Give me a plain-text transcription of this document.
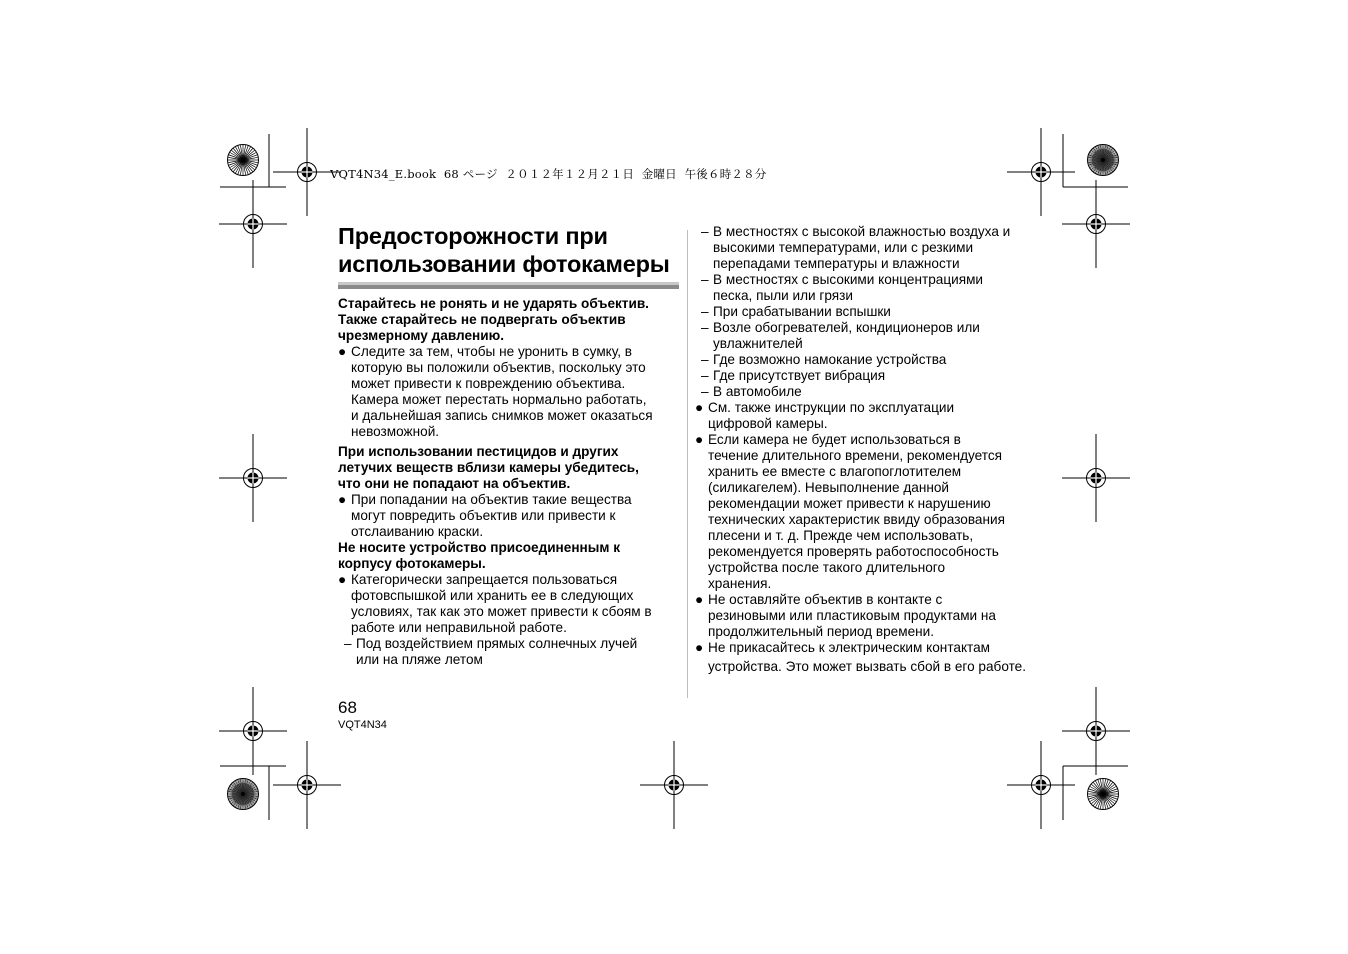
VQT4N34_E.book  68 ページ  ２０１２年１２月２１日  金曜日  午後６時２８分
Предосторожности при
использовании фотокамеры
Старайтесь не ронять и не ударять объектив.
Также старайтесь не подвергать объектив
чрезмерному давлению.
● Следите за тем, чтобы не уронить в сумку, в
которую вы положили объектив, поскольку это
может привести к повреждению объектива.
Камера может перестать нормально работать,
и дальнейшая запись снимков может оказаться
невозможной.
При использовании пестицидов и других
летучих веществ вблизи камеры убедитесь,
что они не попадают на объектив.
● При попадании на объектив такие вещества
могут повредить объектив или привести к
отслаиванию краски.
Не носите устройство присоединенным к
корпусу фотокамеры.
● Категорически запрещается пользоваться
фотовспышкой или хранить ее в следующих
условиях, так как это может привести к сбоям в
работе или неправильной работе.
– Под воздействием прямых солнечных лучей
или на пляже летом
– В местностях с высокой влажностью воздуха и
высокими температурами, или с резкими
перепадами температуры и влажности
– В местностях с высокими концентрациями
песка, пыли или грязи
– При срабатывании вспышки
– Возле обогревателей, кондиционеров или
увлажнителей
– Где возможно намокание устройства
– Где присутствует вибрация
– В автомобиле
● См. также инструкции по эксплуатации
цифровой камеры.
● Если камера не будет использоваться в
течение длительного времени, рекомендуется
хранить ее вместе с влагопоглотителем
(силикагелем). Невыполнение данной
рекомендации может привести к нарушению
технических характеристик ввиду образования
плесени и т. д. Прежде чем использовать,
рекомендуется проверять работоспособность
устройства после такого длительного
хранения.
● Не оставляйте объектив в контакте с
резиновыми или пластиковым продуктами на
продолжительный период времени.
● Не прикасайтесь к электрическим контактам
устройства. Это может вызвать сбой в его работе.
68
VQT4N34
